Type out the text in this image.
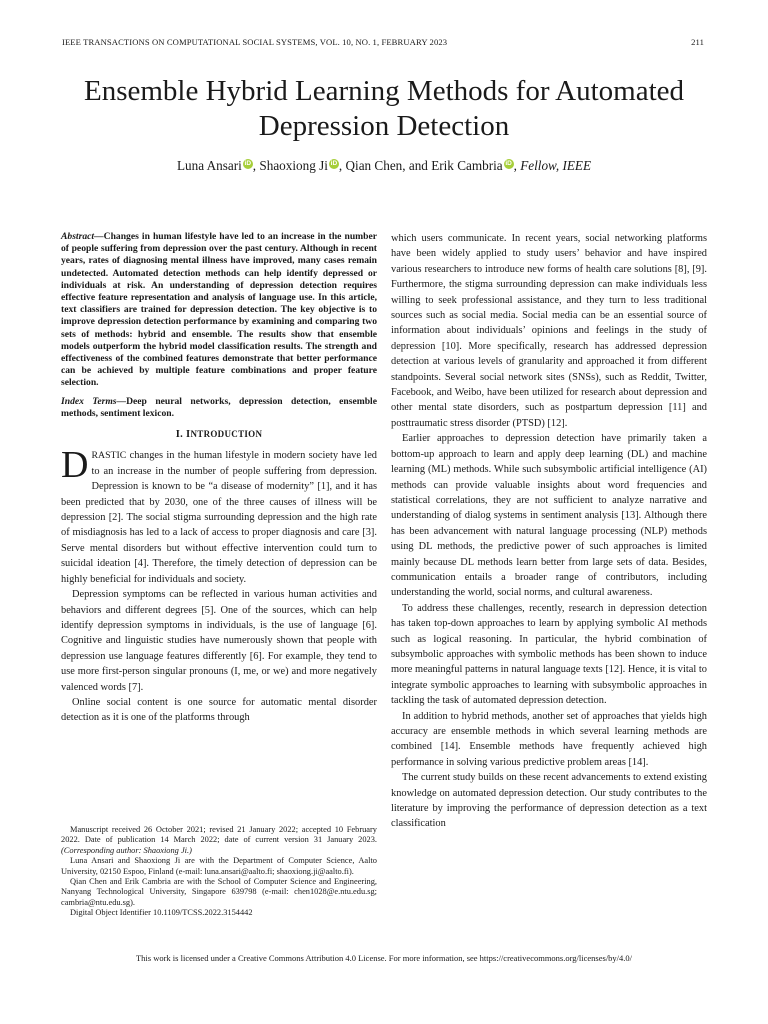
IEEE TRANSACTIONS ON COMPUTATIONAL SOCIAL SYSTEMS, VOL. 10, NO. 1, FEBRUARY 2023	211
Ensemble Hybrid Learning Methods for Automated
Depression Detection
Luna Ansari iD , Shaoxiong Ji iD , Qian Chen, and Erik Cambria iD , Fellow, IEEE

Abstract—Changes in human lifestyle have led to an increase in the number of people suffering from depression over the past century. Although in recent years, rates of diagnosing mental illness have improved, many cases remain undetected. Automated detection methods can help identify depressed or individuals at risk. An understanding of depression detection requires effective feature representation and analysis of language use. In this article, text classifiers are trained for depression detection. The key objective is to improve depression detection performance by examining and comparing two sets of methods: hybrid and ensemble. The results show that ensemble models outperform the hybrid model classification results. The strength and effectiveness of the combined features demonstrate that better performance can be achieved by multiple feature combinations and proper feature selection.

Index Terms—Deep neural networks, depression detection, ensemble methods, sentiment lexicon.

I. INTRODUCTION

DRASTIC changes in the human lifestyle in modern society have led to an increase in the number of people suffering from depression. Depression is known to be “a disease of modernity” [1], and it has been predicted that by 2030, one of the three causes of illness will be depression [2]. The social stigma surrounding depression and the high rate of misdiagnosis has led to a lack of access to proper diagnosis and care [3]. Serve mental disorders but without effective intervention could turn to suicidal ideation [4]. Therefore, the timely detection of depression can be highly beneficial for individuals and society.

Depression symptoms can be reflected in various human activities and behaviors and different degrees [5]. One of the sources, which can help identify depression symptoms in individuals, is the use of language [6]. Cognitive and linguistic studies have numerously shown that people with depression use language features differently [6]. For example, they tend to use more first-person singular pronouns (I, me, or we) and more negatively valenced words [7].

Online social content is one source for automatic mental disorder detection as it is one of the platforms through

which users communicate. In recent years, social networking platforms have been widely applied to study users’ behavior and have inspired various researchers to introduce new forms of health care solutions [8], [9]. Furthermore, the stigma surrounding depression can make individuals less willing to seek professional assistance, and they turn to less traditional sources such as social media. Social media can be an essential source of information about individuals’ opinions and feelings in the study of depression [10]. More specifically, research has addressed depression detection at various levels of granularity and approached it from different standpoints. Several social network sites (SNSs), such as Reddit, Twitter, Facebook, and Weibo, have been utilized for research about depression and other mental state disorders, such as postpartum depression [11] and posttraumatic stress disorder (PTSD) [12].

Earlier approaches to depression detection have primarily taken a bottom-up approach to learn and apply deep learning (DL) and machine learning (ML) methods. While such subsymbolic artificial intelligence (AI) methods can provide valuable insights about word frequencies and statistical correlations, they are not sufficient to analyze narrative and understanding of dialog systems in sentiment analysis [13]. Although there has been advancement with natural language processing (NLP) methods using DL methods, the predictive power of such approaches is limited mainly because DL methods learn better from large sets of data. Besides, communication entails a broader range of contributors, including understanding the world, social norms, and cultural awareness.

To address these challenges, recently, research in depression detection has taken top-down approaches to learn by applying symbolic AI methods such as logical reasoning. In particular, the hybrid combination of subsymbolic approaches with symbolic methods has been shown to induce more meaningful patterns in natural language texts [12]. Hence, it is vital to integrate symbolic approaches to learning with subsymbolic approaches in tackling the task of automated depression detection.

In addition to hybrid methods, another set of approaches that yields high accuracy are ensemble methods in which several learning methods are combined [14]. Ensemble methods have frequently achieved high performance in solving various predictive problem areas [14].

The current study builds on these recent advancements to extend existing knowledge on automated depression detection. Our study contributes to the literature by improving the performance of depression detection as a text classification

Manuscript received 26 October 2021; revised 21 January 2022; accepted 10 February 2022. Date of publication 14 March 2022; date of current version 31 January 2023. (Corresponding author: Shaoxiong Ji.)

Luna Ansari and Shaoxiong Ji are with the Department of Computer Science, Aalto University, 02150 Espoo, Finland (e-mail: luna.ansari@aalto.fi; shaoxiong.ji@aalto.fi).

Qian Chen and Erik Cambria are with the School of Computer Science and Engineering, Nanyang Technological University, Singapore 639798 (e-mail: chen1028@e.ntu.edu.sg; cambria@ntu.edu.sg).

Digital Object Identifier 10.1109/TCSS.2022.3154442

This work is licensed under a Creative Commons Attribution 4.0 License. For more information, see https://creativecommons.org/licenses/by/4.0/
